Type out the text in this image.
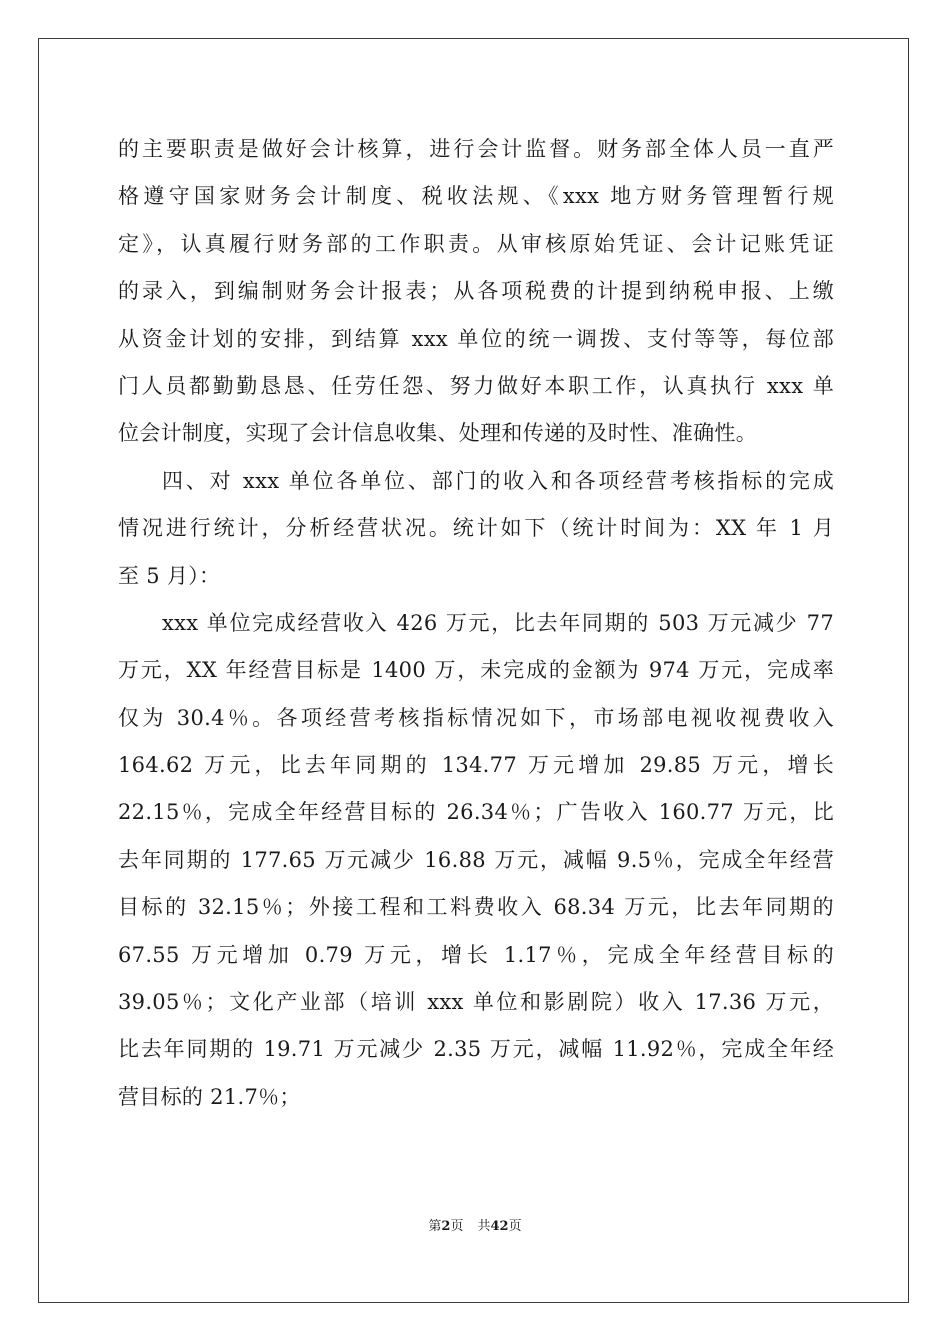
的主要职责是做好会计核算，进行会计监督。财务部全体人员一直严
格遵守国家财务会计制度、税收法规、《xxx 地方财务管理暂行规
定》，认真履行财务部的工作职责。从审核原始凭证、会计记账凭证
的录入，到编制财务会计报表；从各项税费的计提到纳税申报、上缴
从资金计划的安排，到结算 xxx 单位的统一调拨、支付等等，每位部
门人员都勤勤恳恳、任劳任怨、努力做好本职工作，认真执行 xxx 单
位会计制度，实现了会计信息收集、处理和传递的及时性、准确性。
四、对 xxx 单位各单位、部门的收入和各项经营考核指标的完成
情况进行统计，分析经营状况。统计如下（统计时间为：XX 年 1 月
至 5 月）：
xxx 单位完成经营收入 426 万元，比去年同期的 503 万元减少 77
万元，XX 年经营目标是 1400 万，未完成的金额为 974 万元，完成率
仅为 30.4％。各项经营考核指标情况如下，市场部电视收视费收入
164.62 万元，比去年同期的 134.77 万元增加 29.85 万元，增长
22.15％，完成全年经营目标的 26.34％；广告收入 160.77 万元，比
去年同期的 177.65 万元减少 16.88 万元，减幅 9.5％，完成全年经营
目标的 32.15％；外接工程和工料费收入 68.34 万元，比去年同期的
67.55 万元增加 0.79 万元，增长 1.17％，完成全年经营目标的
39.05％；文化产业部（培训 xxx 单位和影剧院）收入 17.36 万元，
比去年同期的 19.71 万元减少 2.35 万元，减幅 11.92％，完成全年经
营目标的 21.7％；
第2页 共42页
